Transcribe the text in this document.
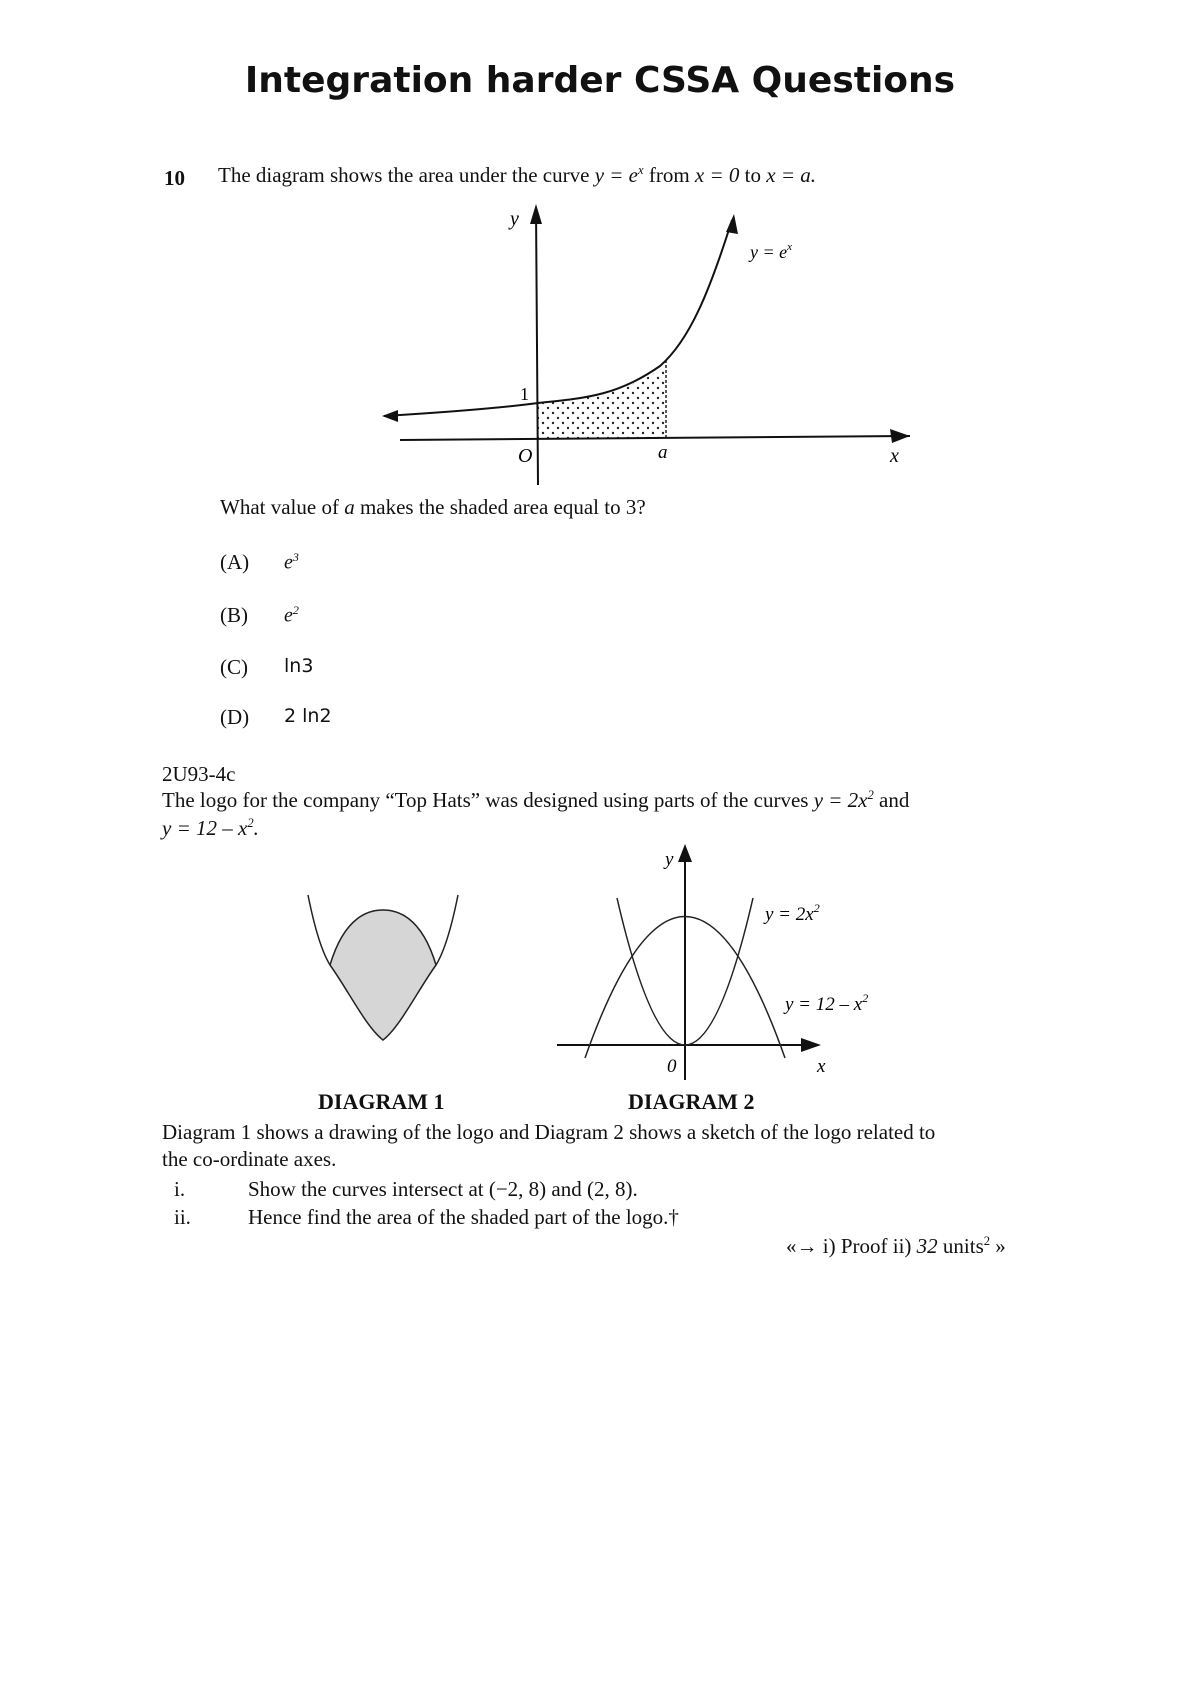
Integration harder CSSA Questions
10 The diagram shows the area under the curve $y = e^x$ from x = 0 to x = a.
y
x
O
1
a
$y = e^x$
What value of a makes the shaded area equal to 3?
(A) $e^3$
(B) $e^2$
(C) ln3
(D) 2 ln2
2U93-4c
The logo for the company “Top Hats” was designed using parts of the curves $y = 2x^2$ and
$y = 12 - x^2$.
y
x
0
$y = 2x^2$
$y = 12 - x^2$
DIAGRAM 1	DIAGRAM 2
Diagram 1 shows a drawing of the logo and Diagram 2 shows a sketch of the logo related to
the co-ordinate axes.
i.	Show the curves intersect at (−2, 8) and (2, 8).
ii.	Hence find the area of the shaded part of the logo.†
«→ i) Proof ii) 32 units$^2$ »
